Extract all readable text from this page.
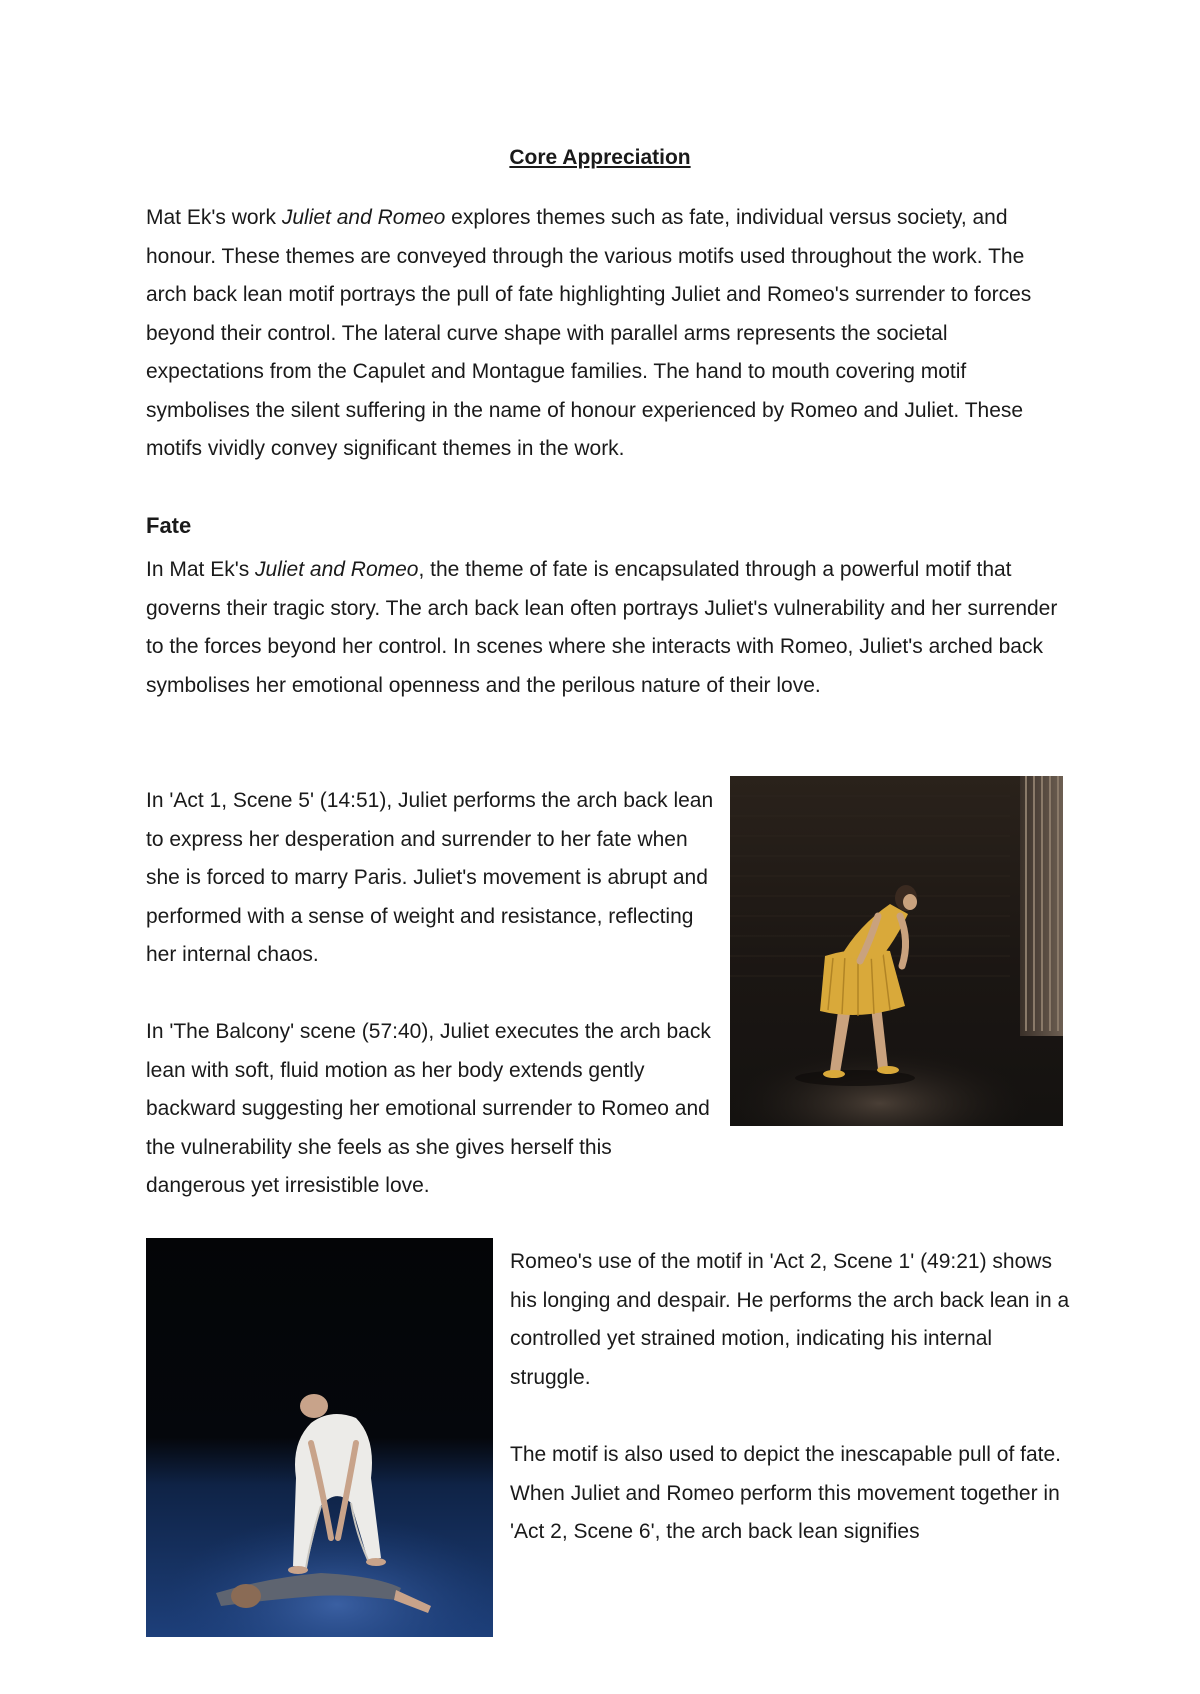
Core Appreciation

Mat Ek's work Juliet and Romeo explores themes such as fate, individual versus society, and honour. These themes are conveyed through the various motifs used throughout the work. The arch back lean motif portrays the pull of fate highlighting Juliet and Romeo's surrender to forces beyond their control. The lateral curve shape with parallel arms represents the societal expectations from the Capulet and Montague families. The hand to mouth covering motif symbolises the silent suffering in the name of honour experienced by Romeo and Juliet. These motifs vividly convey significant themes in the work.

Fate

In Mat Ek's Juliet and Romeo, the theme of fate is encapsulated through a powerful motif that governs their tragic story. The arch back lean often portrays Juliet's vulnerability and her surrender to the forces beyond her control. In scenes where she interacts with Romeo, Juliet's arched back symbolises her emotional openness and the perilous nature of their love.

In 'Act 1, Scene 5' (14:51), Juliet performs the arch back lean to express her desperation and surrender to her fate when she is forced to marry Paris. Juliet's movement is abrupt and performed with a sense of weight and resistance, reflecting her internal chaos.

In 'The Balcony' scene (57:40), Juliet executes the arch back lean with soft, fluid motion as her body extends gently backward suggesting her emotional surrender to Romeo and the vulnerability she feels as she gives herself this dangerous yet irresistible love.

Romeo's use of the motif in 'Act 2, Scene 1' (49:21) shows his longing and despair. He performs the arch back lean in a controlled yet strained motion, indicating his internal struggle.

The motif is also used to depict the inescapable pull of fate. When Juliet and Romeo perform this movement together in 'Act 2, Scene 6', the arch back lean signifies
